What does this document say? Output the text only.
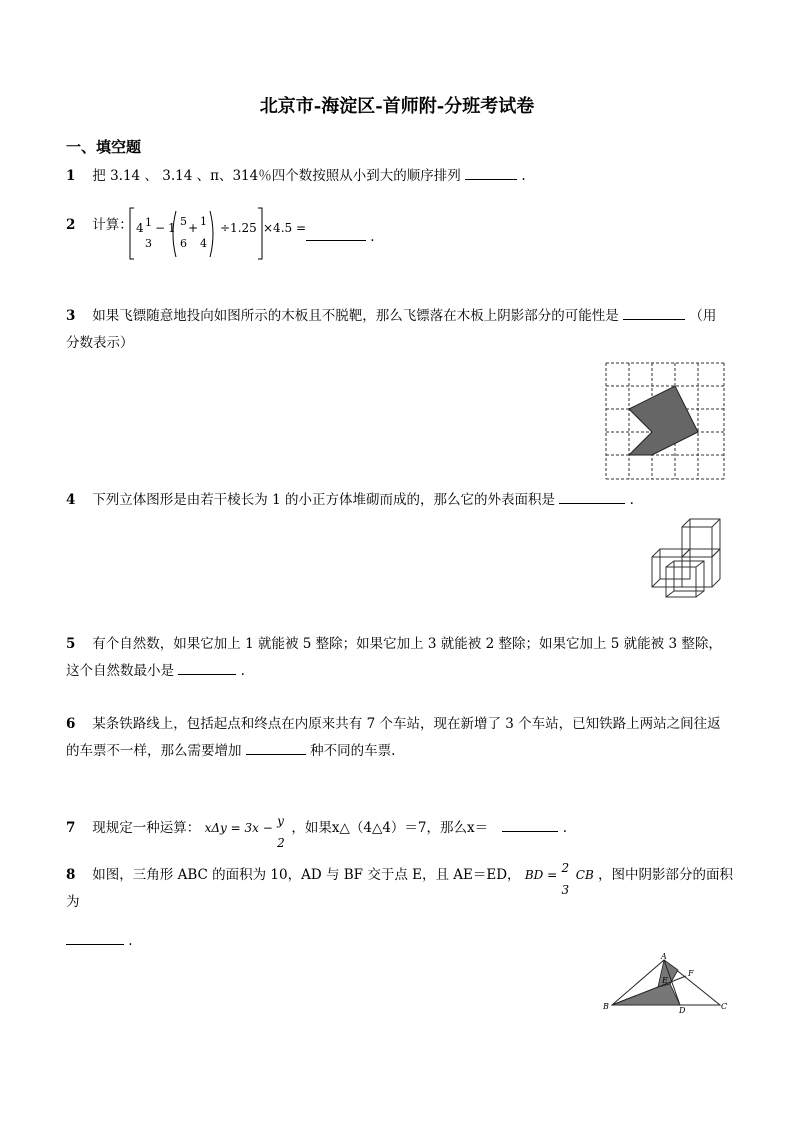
北京市-海淀区-首师附-分班考试卷
一、填空题
1 把 3.14 、 3.14 、π、314％四个数按照从小到大的顺序排列	.
2 计算： 4 1
3
− 1 5
6
+ 1
4
÷1.25 ×4.5 =
.
3 如果飞镖随意地投向如图所示的木板且不脱靶，那么飞镖落在木板上阴影部分的可能性是	（用
分数表示）
4 下列立体图形是由若干棱长为 1 的小正方体堆砌而成的，那么它的外表面积是	.
5 有个自然数，如果它加上 1 就能被 5 整除；如果它加上 3 就能被 2 整除；如果它加上 5 就能被 3 整除，
这个自然数最小是	.
6 某条铁路线上，包括起点和终点在内原来共有 7 个车站，现在新增了 3 个车站，已知铁路上两站之间往返
的车票不一样，那么需要增加	种不同的车票.
7 现规定一种运算： xΔy = 3x − y
2
，如果x△（4△4）＝7，那么x＝	.
8 如图，三角形 ABC 的面积为 10，AD 与 BF 交于点 E，且 AE＝ED， BD = 2
3
CB ，图中阴影部分的面积为
.
A
B	C
D
E
F
